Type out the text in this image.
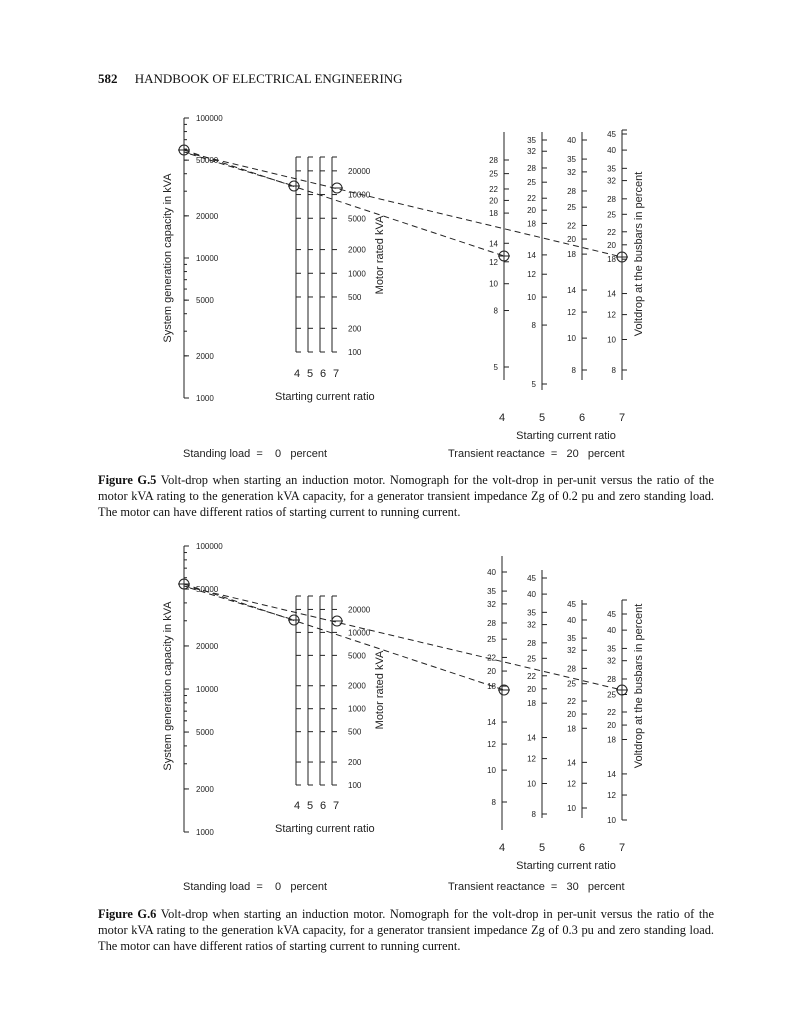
582 HANDBOOK OF ELECTRICAL ENGINEERING
100000
50000
20000
10000
5000
2000
1000
20000
10000
5000
2000
1000
500
200
100
28
25
22
20
18
14
12
10
8
5
35
32
28
25
22
20
18
14
12
10
8
5
40
35
32
28
25
22
20
18
14
12
10
8
45
40
35
32
28
25
22
20
18
14
12
10
8
System generation capacity in kVA	Motor rated kVA	Voltdrop at the busbars in percent
4 5 6 7
Starting current ratio
4	5	6	7
Starting current ratio
Standing load  =    0   percent	Transient reactance  =   20   percent
Figure G.5 Volt-drop when starting an induction motor. Nomograph for the volt-drop in per-unit versus the ratio of the motor kVA rating to the generation kVA capacity, for a generator transient impedance Zg of 0.2 pu and zero standing load. The motor can have different ratios of starting current to running current.
100000
50000
20000
10000
5000
2000
1000
20000
10000
5000
2000
1000
500
200
100
40
35
32
28
25
22
20
18
14
12
10
8
45
40
35
32
28
25
22
20
18
14
12
10
8
45
40
35
32
28
25
22
20
18
14
12
10
45
40
35
32
28
25
22
20
18
14
12
10
System generation capacity in kVA	Motor rated kVA	Voltdrop at the busbars in percent
4 5 6 7
Starting current ratio
4	5	6	7
Starting current ratio
Standing load  =    0   percent	Transient reactance  =   30   percent
Figure G.6 Volt-drop when starting an induction motor. Nomograph for the volt-drop in per-unit versus the ratio of the motor kVA rating to the generation kVA capacity, for a generator transient impedance Zg of 0.3 pu and zero standing load. The motor can have different ratios of starting current to running current.
